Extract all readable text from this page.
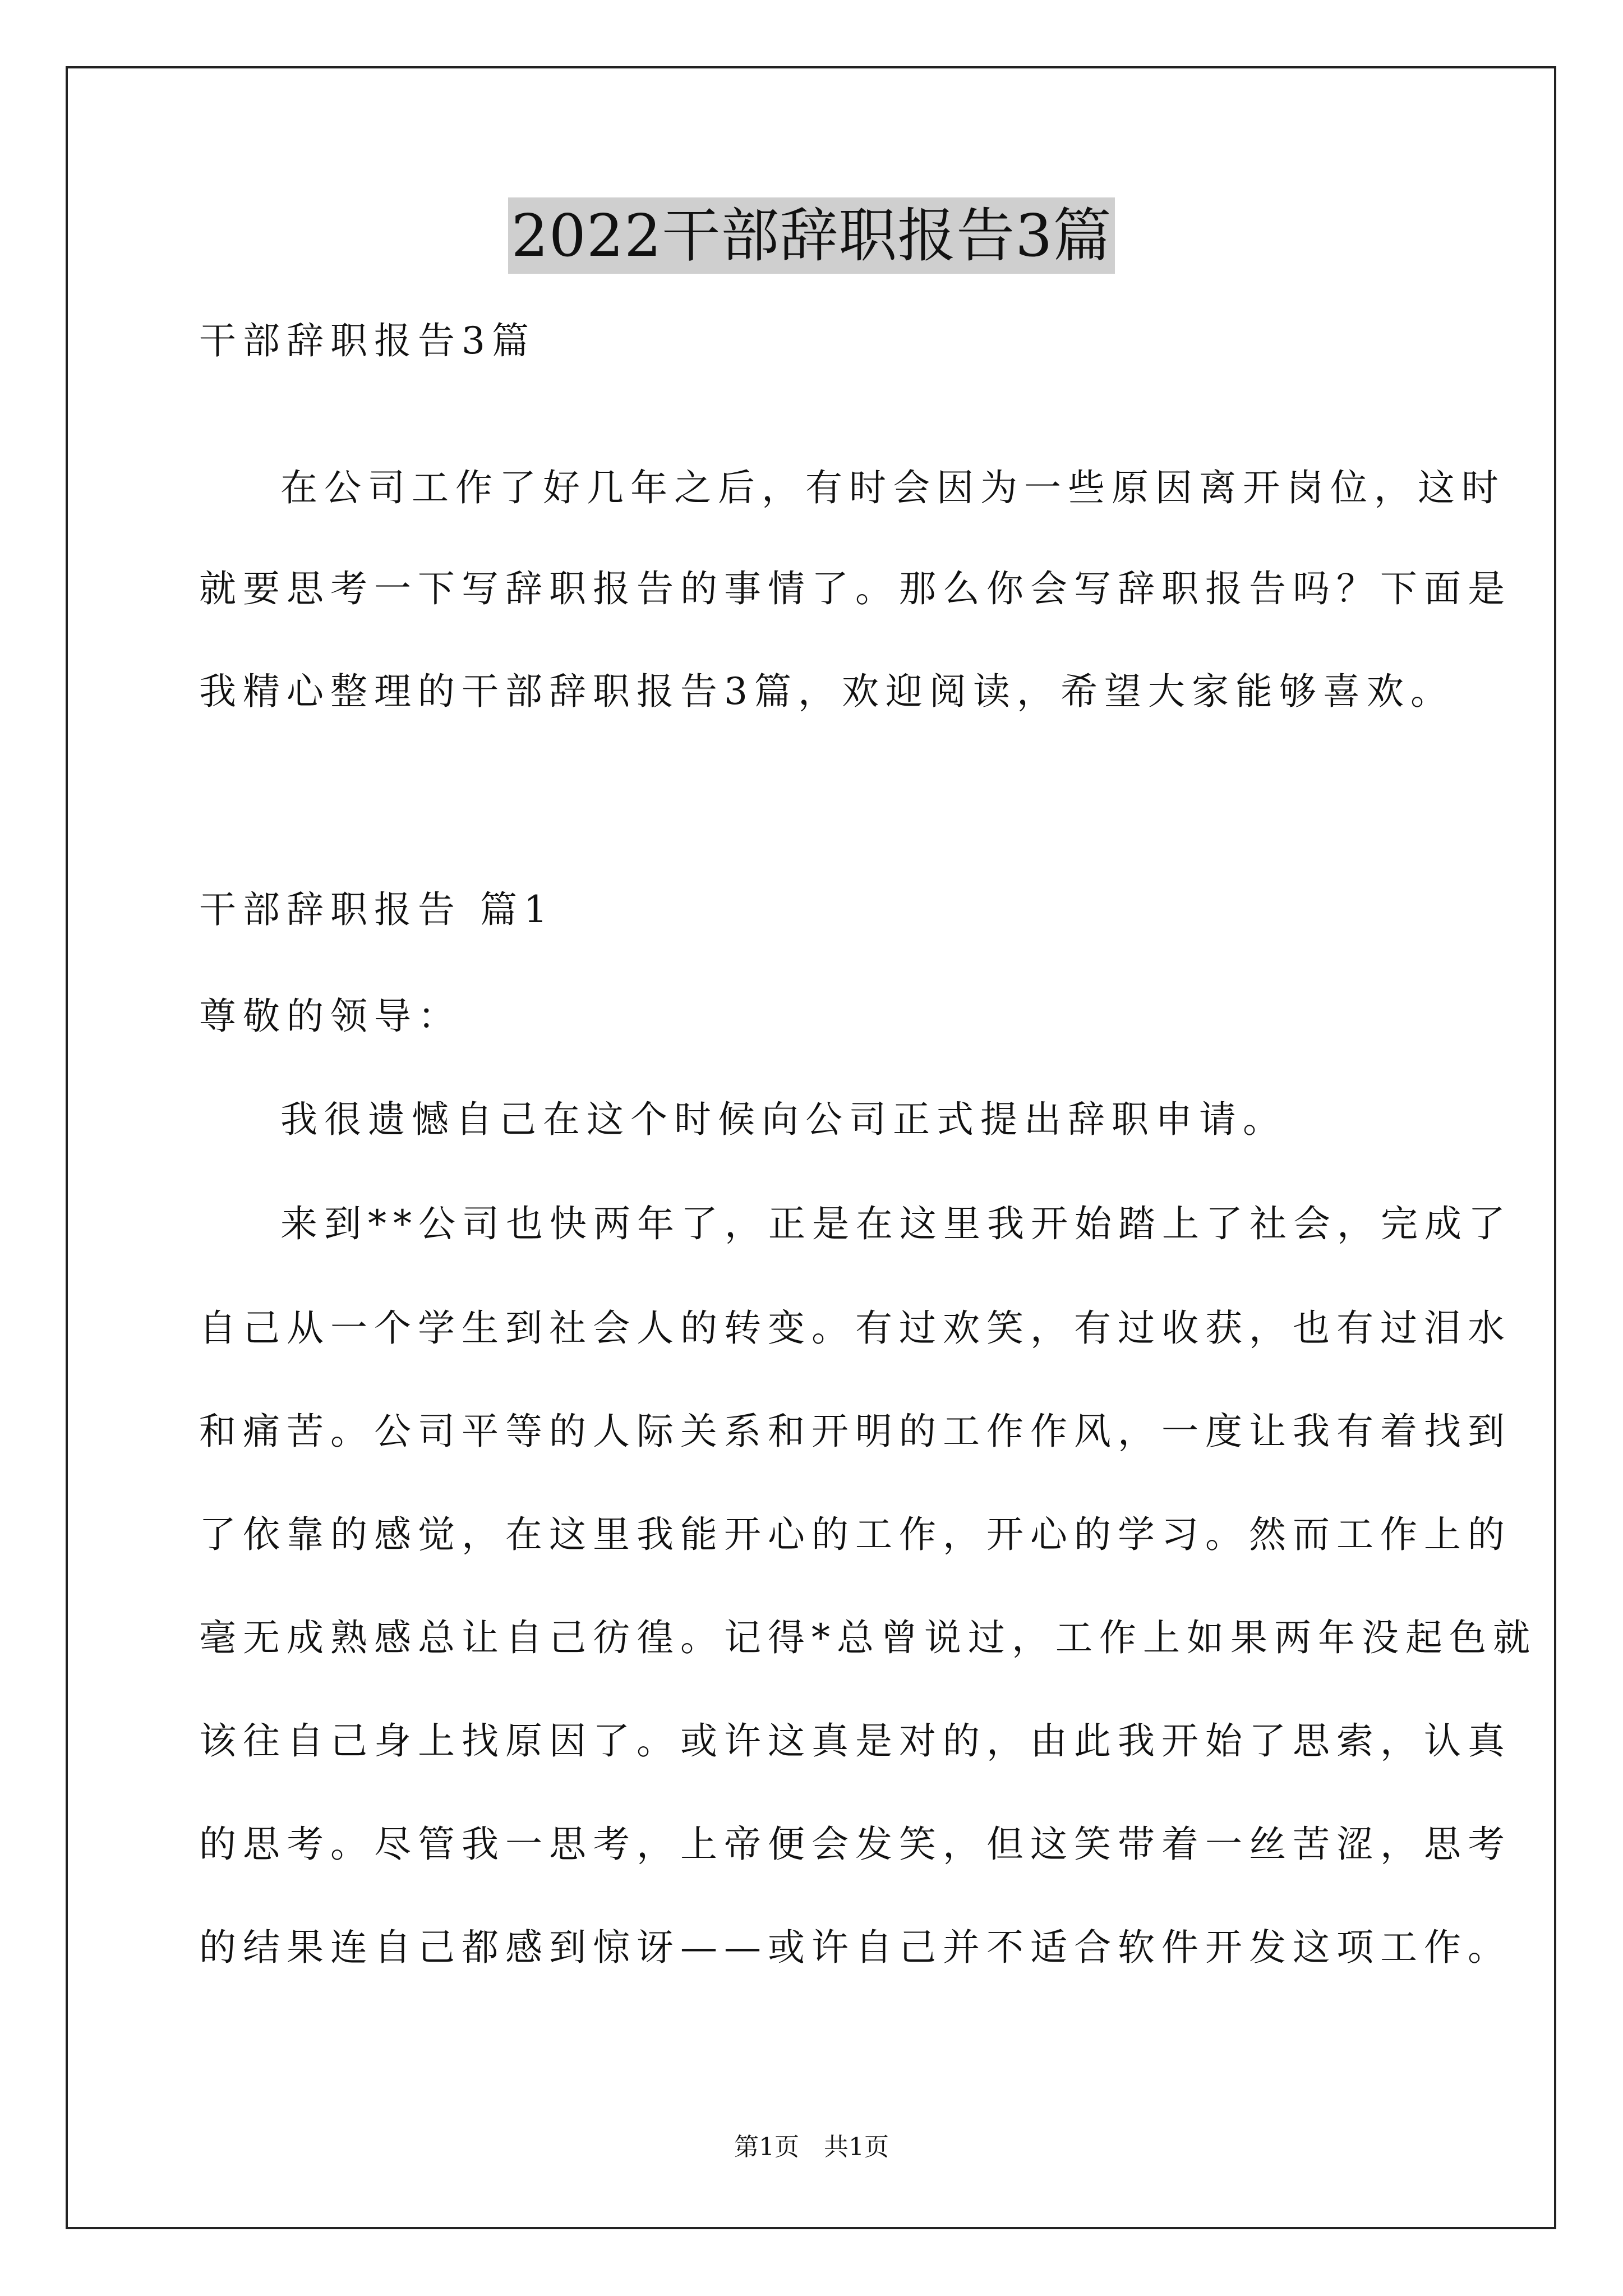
2022干部辞职报告3篇
干部辞职报告3篇
在公司工作了好几年之后，有时会因为一些原因离开岗位，这时
就要思考一下写辞职报告的事情了。那么你会写辞职报告吗？下面是
我精心整理的干部辞职报告3篇，欢迎阅读，希望大家能够喜欢。
干部辞职报告 篇1
尊敬的领导：
我很遗憾自己在这个时候向公司正式提出辞职申请。
来到**公司也快两年了，正是在这里我开始踏上了社会，完成了
自己从一个学生到社会人的转变。有过欢笑，有过收获，也有过泪水
和痛苦。公司平等的人际关系和开明的工作作风，一度让我有着找到
了依靠的感觉，在这里我能开心的工作，开心的学习。然而工作上的
毫无成熟感总让自己彷徨。记得*总曾说过，工作上如果两年没起色就
该往自己身上找原因了。或许这真是对的，由此我开始了思索，认真
的思考。尽管我一思考，上帝便会发笑，但这笑带着一丝苦涩，思考
的结果连自己都感到惊讶——或许自己并不适合软件开发这项工作。
第1页　共1页
